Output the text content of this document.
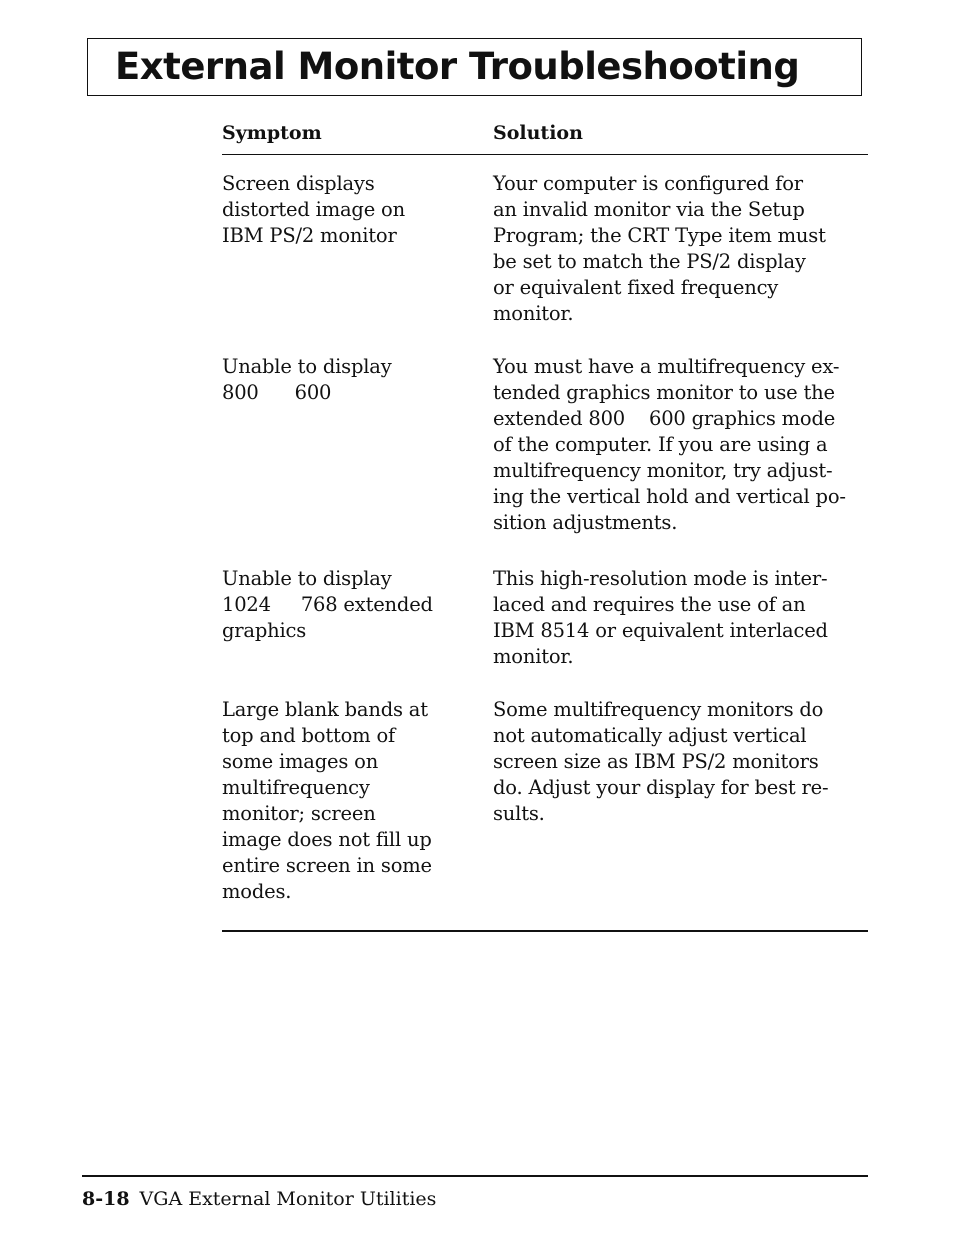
External Monitor Troubleshooting
Symptom	Solution
Screen displays
distorted image on
IBM PS/2 monitor
Your computer is configured for
an invalid monitor via the Setup
Program; the CRT Type item must
be set to match the PS/2 display
or equivalent fixed frequency
monitor.
Unable to display
800      600
You must have a multifrequency ex-
tended graphics monitor to use the
extended 800    600 graphics mode
of the computer. If you are using a
multifrequency monitor, try adjust-
ing the vertical hold and vertical po-
sition adjustments.
Unable to display
1024     768 extended
graphics
This high-resolution mode is inter-
laced and requires the use of an
IBM 8514 or equivalent interlaced
monitor.
Large blank bands at
top and bottom of
some images on
multifrequency
monitor; screen
image does not fill up
entire screen in some
modes.
Some multifrequency monitors do
not automatically adjust vertical
screen size as IBM PS/2 monitors
do. Adjust your display for best re-
sults.
8-18 VGA External Monitor Utilities
